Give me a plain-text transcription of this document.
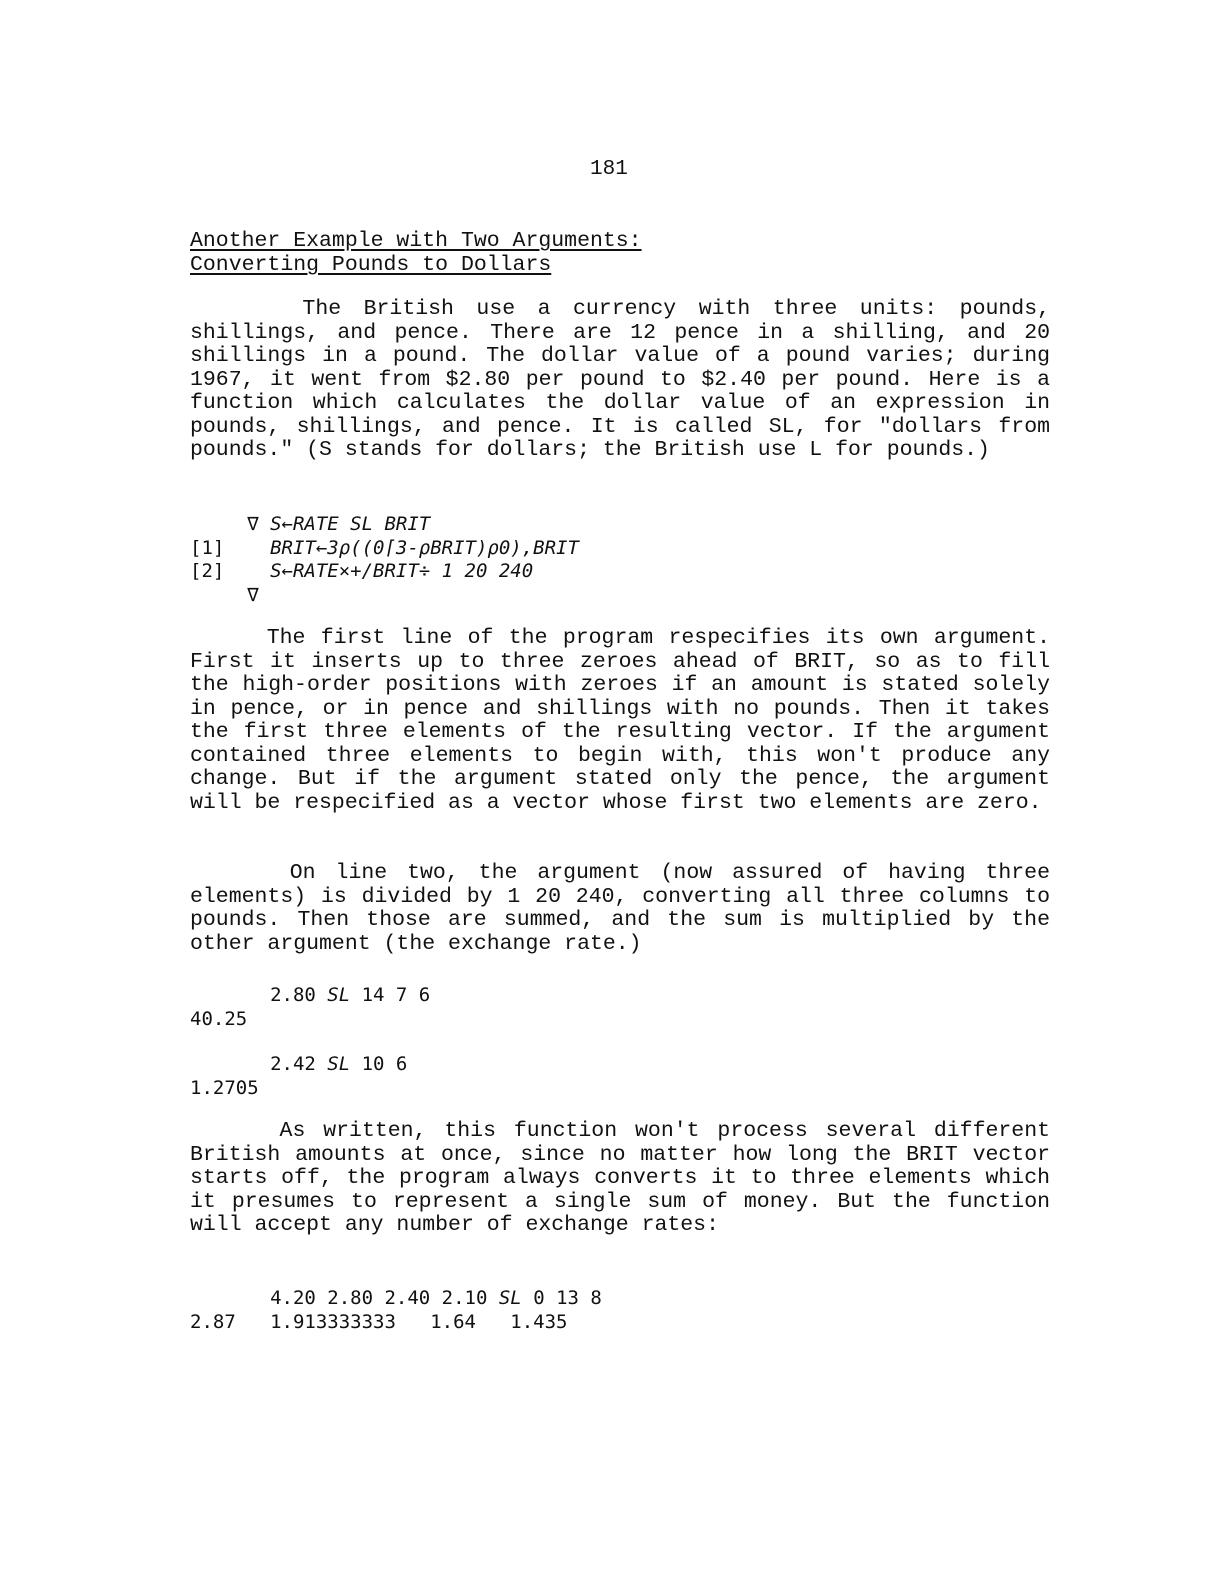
181
Another Example with Two Arguments:
Converting Pounds to Dollars

The British use a currency with three units: pounds, shillings, and pence. There are 12 pence in a shilling, and 20 shillings in a pound. The dollar value of a pound varies; during 1967, it went from $2.80 per pound to $2.40 per pound. Here is a function which calculates the dollar value of an expression in pounds, shillings, and pence. It is called SL, for "dollars from pounds." (S stands for dollars; the British use L for pounds.)

∇ S←RATE SL BRIT
[1]    BRIT←3ρ((0⌈3-ρBRIT)ρ0),BRIT
[2]    S←RATE×+/BRIT÷ 1 20 240
∇

The first line of the program respecifies its own argument. First it inserts up to three zeroes ahead of BRIT, so as to fill the high-order positions with zeroes if an amount is stated solely in pence, or in pence and shillings with no pounds. Then it takes the first three elements of the resulting vector. If the argument contained three elements to begin with, this won't produce any change. But if the argument stated only the pence, the argument will be respecified as a vector whose first two elements are zero.

On line two, the argument (now assured of having three elements) is divided by 1 20 240, converting all three columns to pounds. Then those are summed, and the sum is multiplied by the other argument (the exchange rate.)

2.80 SL 14 7 6
40.25
2.42 SL 10 6
1.2705

As written, this function won't process several different British amounts at once, since no matter how long the BRIT vector starts off, the program always converts it to three elements which it presumes to represent a single sum of money. But the function will accept any number of exchange rates:

4.20 2.80 2.40 2.10 SL 0 13 8
2.87   1.913333333   1.64   1.435
